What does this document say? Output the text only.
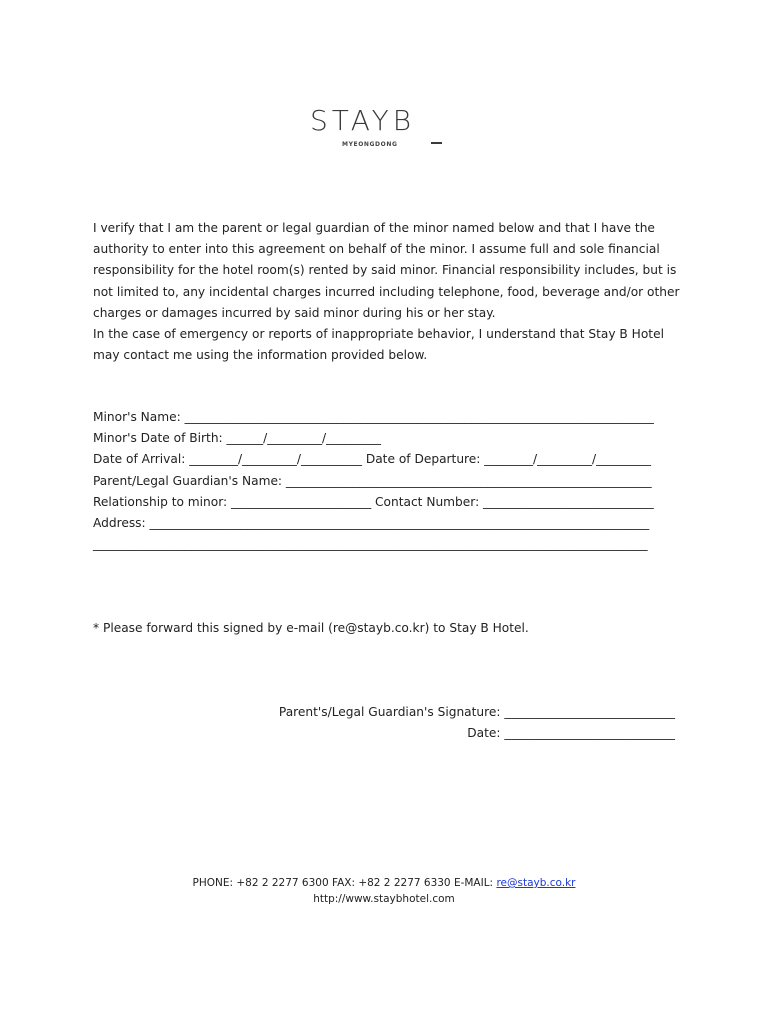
STAYB
MYEONGDONG

I verify that I am the parent or legal guardian of the minor named below and that I have the authority to enter into this agreement on behalf of the minor. I assume full and sole financial responsibility for the hotel room(s) rented by said minor. Financial responsibility includes, but is not limited to, any incidental charges incurred including telephone, food, beverage and/or other charges or damages incurred by said minor during his or her stay.

In the case of emergency or reports of inappropriate behavior, I understand that Stay B Hotel may contact me using the information provided below.

Minor's Name: _____________________________________________________________________________
Minor's Date of Birth: ______/_________/_________
Date of Arrival: ________/_________/__________ Date of Departure: ________/_________/_________
Parent/Legal Guardian's Name: ____________________________________________________________
Relationship to minor: _______________________ Contact Number: ____________________________
Address: __________________________________________________________________________________
___________________________________________________________________________________________
* Please forward this signed by e-mail (re@stayb.co.kr) to Stay B Hotel.
Parent's/Legal Guardian's Signature: ____________________________
Date: ____________________________
PHONE: +82 2 2277 6300 FAX: +82 2 2277 6330 E-MAIL: re@stayb.co.kr
http://www.staybhotel.com
